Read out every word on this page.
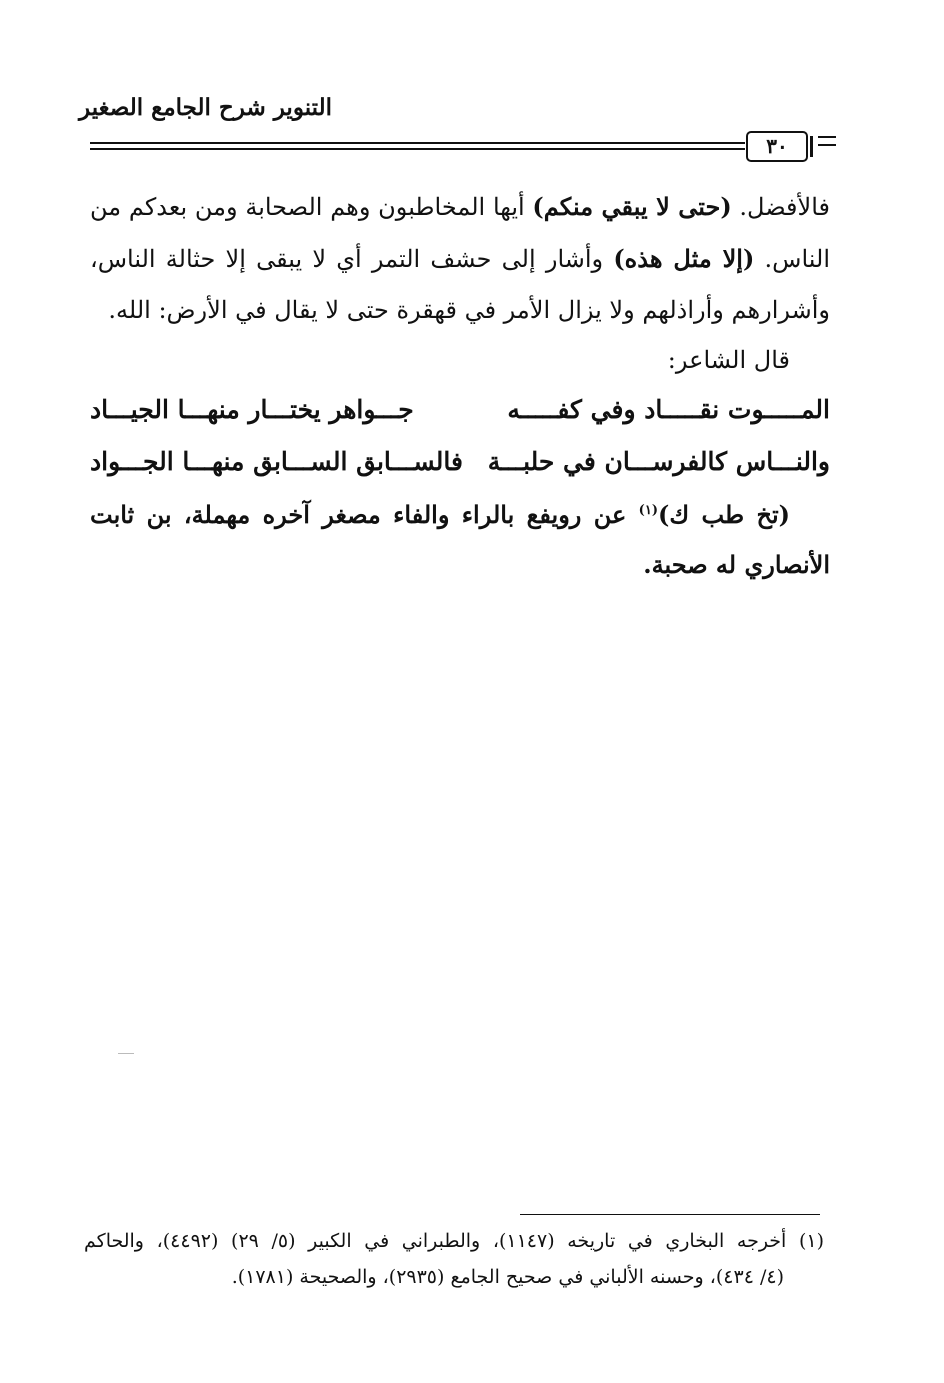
التنوير شرح الجامع الصغير
٣٠
فالأفضل. (حتى لا يبقي منكم) أيها المخاطبون وهم الصحابة ومن بعدكم من
الناس. (إلا مثل هذه) وأشار إلى حشف التمر أي لا يبقى إلا حثالة الناس،
وأشرارهم وأراذلهم ولا يزال الأمر في قهقرة حتى لا يقال في الأرض: الله.
قال الشاعر:
المـــــوت نقـــــاد وفي كفـــــه
جـــواهر يختـــار منهـــا الجيـــاد
والنـــاس كالفرســـان في حلبـــة
فالســـابق الســـابق منهـــا الجـــواد
(تخ طب ك)$^{(١)}$ عن رويفع بالراء والفاء مصغر آخره مهملة، بن ثابت
الأنصاري له صحبة.
(١) أخرجه البخاري في تاريخه (١١٤٧)، والطبراني في الكبير (٥/ ٢٩) (٤٤٩٢)، والحاكم
(٤/ ٤٣٤)، وحسنه الألباني في صحيح الجامع (٢٩٣٥)، والصحيحة (١٧٨١).
